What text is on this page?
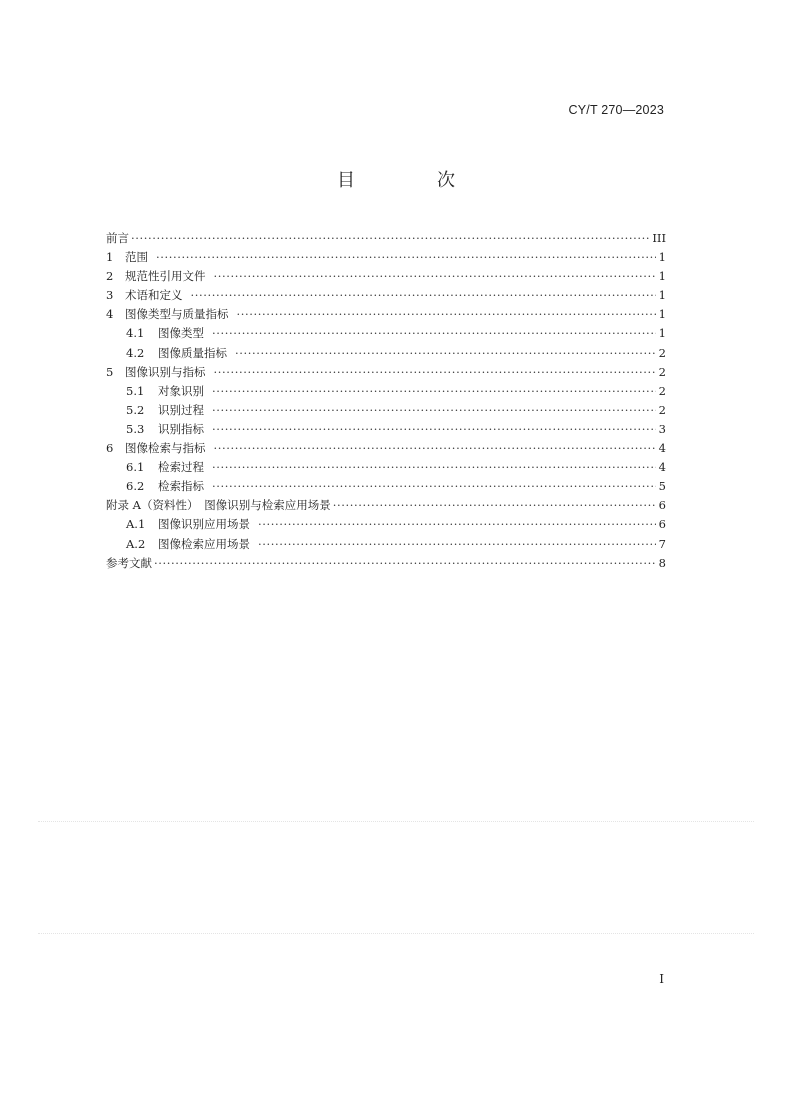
CY/T 270—2023
目　次
前言 ·····	III
1	范围 ·····	1
2	规范性引用文件 ·····	1
3	术语和定义 ·····	1
4	图像类型与质量指标 ·····	1
4.1	图像类型 ·····	1
4.2	图像质量指标 ·····	2
5	图像识别与指标 ·····	2
5.1	对象识别 ·····	2
5.2	识别过程 ·····	2
5.3	识别指标 ·····	3
6	图像检索与指标 ·····	4
6.1	检索过程 ·····	4
6.2	检索指标 ·····	5
附录 A（资料性）　图像识别与检索应用场景 ·····	6
A.1	图像识别应用场景 ·····	6
A.2	图像检索应用场景 ·····	7
参考文献 ·····	8
I
